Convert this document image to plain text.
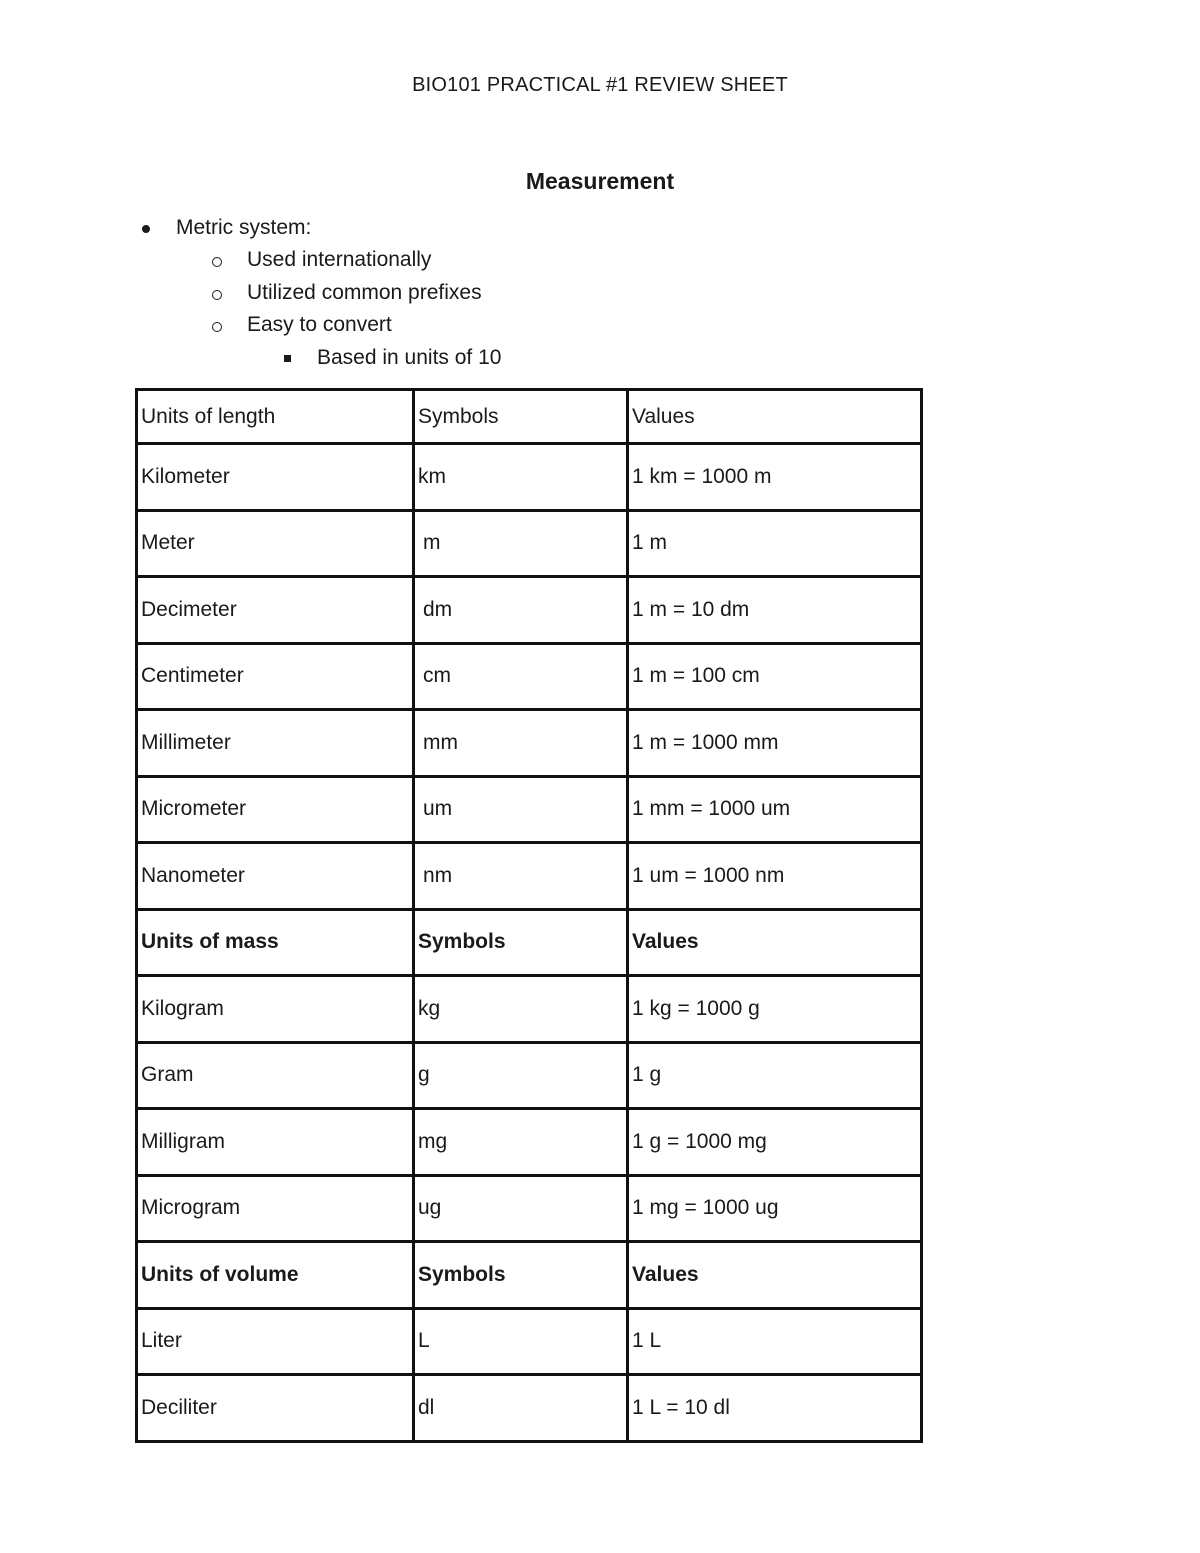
BIO101 PRACTICAL #1 REVIEW SHEET
Measurement
Metric system:
Used internationally
Utilized common prefixes
Easy to convert
Based in units of 10
Units of length	Symbols	Values
Kilometer	km	1 km = 1000 m
Meter	m	1 m
Decimeter	dm	1 m = 10 dm
Centimeter	cm	1 m = 100 cm
Millimeter	mm	1 m = 1000 mm
Micrometer	um	1 mm = 1000 um
Nanometer	nm	1 um = 1000 nm
Units of mass	Symbols	Values
Kilogram	kg	1 kg = 1000 g
Gram	g	1 g
Milligram	mg	1 g = 1000 mg
Microgram	ug	1 mg = 1000 ug
Units of volume	Symbols	Values
Liter	L	1 L
Deciliter	dl	1 L = 10 dl
